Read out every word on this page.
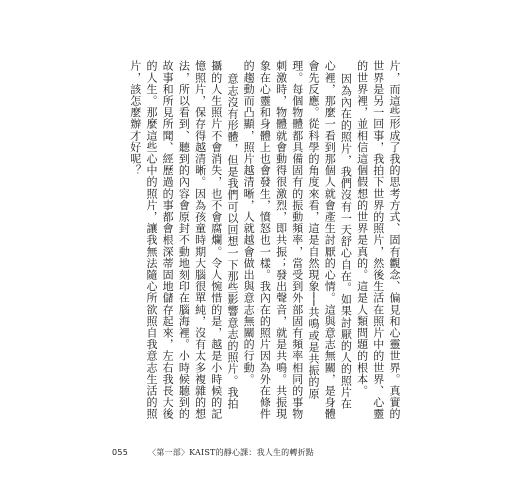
片，而這些形成了我的思考方式、固有觀念、偏見和心靈世界。真實的世界是另一回事，我拍下世界的照片，然後生活在照片中的世界、心靈的世界裡，並相信這個假想的世界是真的。這是人類問題的根本。

因為內在的照片，我們沒有一天舒心自在。如果討厭的人的照片在心裡，那麼一看到那個人就會產生討厭的心情。這與意志無關，是身體會先反應。從科學的角度來看，這是自然現象──共鳴或是共振的原理。每個物體都具備固有的振動頻率，當受到外部固有頻率相同的事物刺激時，物體就會動得很激烈，即共振；發出聲音，就是共鳴。共振現象在心靈和身體上也會發生，憤怒也一樣。我內在的照片因為外在條件的趨動而凸顯，照片越清晰，人就越會做出與意志無關的行動。

意志沒有形體，但是我們可以回想一下那些影響意志的照片。我拍攝的人生照片不會消失，也不會腐爛。令人惋惜的是，越是小時候的記憶照片，保存得越清晰。因為孩童時期大腦很單純，沒有太多複雜的想法，所以看到、聽到的內容會原封不動地刻印在腦海裡。小時候聽到的故事和所見所聞、經歷過的事都會根深蒂固地儲存起來，左右我長大後的人生。那麼這些心中的照片，讓我無法隨心所欲照自我意志生活的照片，該怎麼辦才好呢？

055	〈第一部〉KAIST的靜心課：我人生的轉折點
